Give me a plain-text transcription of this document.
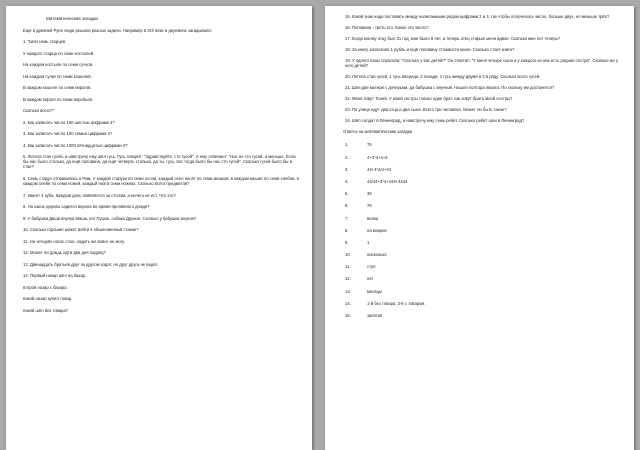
Математические загадки
Ещё в древней Руси люди решали разные задачи. Например в XIX веке в деревнях загадывали:
1. "Шли семь старцев.
У каждого старца по семи костылей.
На каждом костыле по семи сучков.
На каждом сучке по семи кошелей.
В каждом кошеле по семи пирогов.
В каждом пироге по семи воробьев.
Сколько всего?"
2. Как записать число 100 шестью цифрами 4?
3. Как записать число 100 семью цифрами 4?
4. Как записать число 1000 пятнадцатью цифрами 4?
5. Летела стая гусей, а навстречу ему шёл гусь. Гусь говорит: "Здравствуйте, сто гусей". А ему отвечают: "Нас не сто гусей, а меньше. Если бы нас было столько, да ещё половина, да ещё четверть столька, да ты, гусь, вот тогда было бы нас сто гусей". Сколько гусей было бы в стае?
6. Семь старух отправились в Рим. У каждой старухи по семи ослов, каждый осел несёт по семи мешков, в каждом мешке по семи хлебов, в каждом хлебе по семи ножей, каждый нож в семи ножнах. Сколько всего предметов?
7. Имеет 4 зуба. Каждый день появляется за столом, а ничего не ест. Что это?
8. На какое дерево садится ворона во время проливного дождя?
9. У бабушки Даши внучка Маша, кот Пушок, собака Дружок. Сколько у бабушки внуков?
10. Сколько горошин может войти в обыкновенный стакан?
11. На четырёх ногах стою, ходить же вовсе не могу.
12. Может ли дождь идти два дня подряд?
13. Двенадцать братьев друг за другом ходят, но друг друга не видят.
14. Первый назар шёл на базар,
второй назар с базара.
Какой назар купил товар,
Какой шёл без товара?
15. Какой знак надо поставить между написанными рядом цифрами 2 и 3, так чтобы получилось число, больше двух, но меньше трёх?
16. Половина - треть его. Какое это число?
17. Когда моему отцу был 31 год, мне было 8 лет, а теперь отец старше меня вдвое. Сколько мне лет теперь?
18. За книгу заплатили 1 рубль и ещё половину стоимости книги. Сколько стоит книга?
19. У одного папы спросили: "Сколько у вас детей?" Он ответил: "У меня четыре сына и у каждого из них есть родная сестра". Сколько же у него детей?
20. Летела стая гусей. 1 гусь впереди, 2 позади, 1 гусь между двумя и 3 в ряду. Сколько всего гусей.
21. Шли две матери с дочерьми, да бабушка с внучкой. Нашли полтора пирога. По скольку им достанется?
22. Меня зовут Толей. У моей сестры только один брат, как зовут брата моей сестры?
23. По улице идут два отца и два сына. Всего три человека. Может ли быть такое?
24. Шёл солдат в Ленинград, а навстречу ему семь ребят. Сколько ребят шли в Ленинград?
Ответы на математические загадки
1.	76
2.	4+4*4+4+4
3.	44+4*4/4+44
4.	44/44+4*4+444+4444
5.	36
6.	76
7.	вилка
8.	на мокрое
9.	1
10.	нисколько
11.	стул
12.	нет
13.	месяцы
14.	1-й без товара, 2-й с товаром.
15.	запятая
